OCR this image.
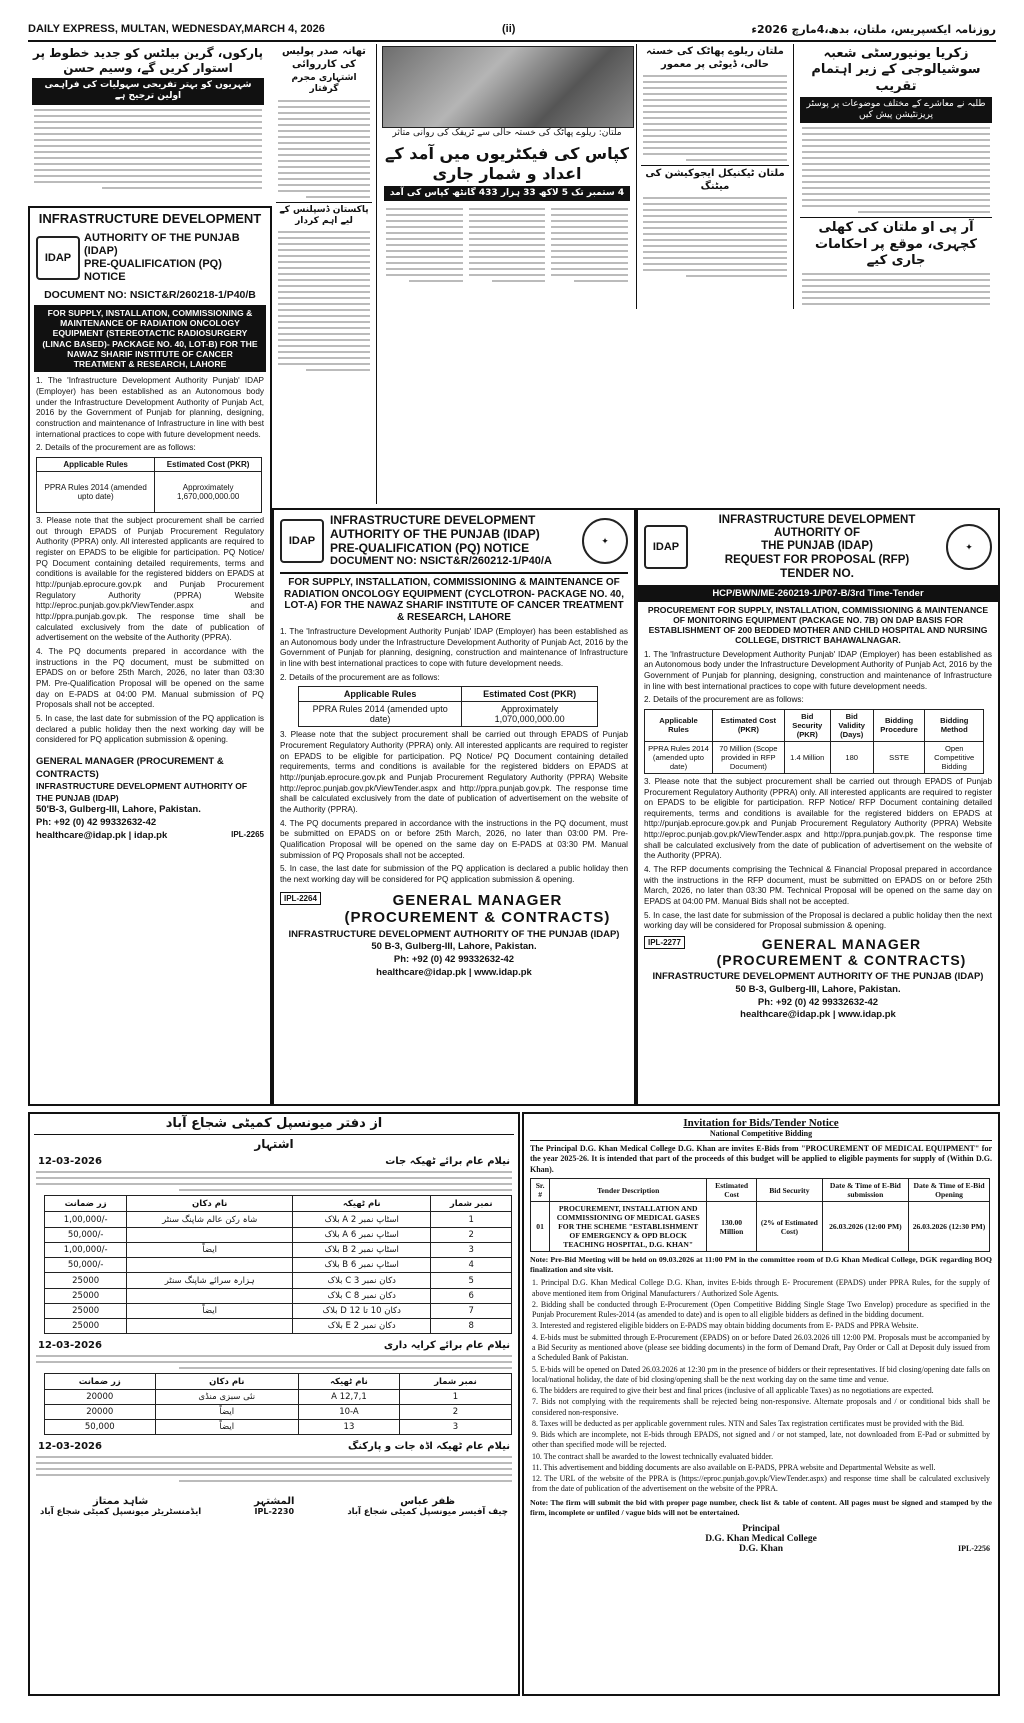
DAILY EXPRESS, MULTAN, WEDNESDAY,MARCH 4, 2026	(ii)	روزنامہ ایکسپریس، ملتان، بدھ،4مارچ 2026ء
زکریا یونیورسٹی شعبہ سوشیالوجی کے زیر اہتمام تقریب
طلبہ نے معاشرے کے مختلف موضوعات پر پوسٹر پریزنٹیشن پیش کیں
آر پی او ملتان کی کھلی کچہری، موقع پر احکامات جاری کیے
ملتان ریلوے پھاٹک کی خستہ حالی، ڈیوٹی پر معمور
ملتان ٹیکنیکل ایجوکیشن کی میٹنگ
ملتان: ریلوے پھاٹک کی خستہ حالی سے ٹریفک کی روانی متاثر
کپاس کی فیکٹریوں میں آمد کے اعداد و شمار جاری
4 ستمبر تک 5 لاکھ 33 ہزار 433 گانٹھ کپاس کی آمد
تھانہ صدر پولیس کی کارروائی
اشتہاری مجرم گرفتار
پاکستان ڈسپلنس کے لیے اہم کردار
پارکوں، گرین بیلٹس کو جدید خطوط پر استوار کریں گے، وسیم حسن
شہریوں کو بہتر تفریحی سہولیات کی فراہمی اولین ترجیح ہے
INFRASTRUCTURE DEVELOPMENT
IDAP
AUTHORITY OF THE PUNJAB (IDAP)
PRE-QUALIFICATION (PQ) NOTICE
DOCUMENT NO: NSICT&R/260218-1/P40/B
FOR SUPPLY, INSTALLATION, COMMISSIONING & MAINTENANCE OF RADIATION ONCOLOGY EQUIPMENT (STEREOTACTIC RADIOSURGERY (LINAC BASED)- PACKAGE NO. 40, LOT-B) FOR THE NAWAZ SHARIF INSTITUTE OF CANCER TREATMENT & RESEARCH, LAHORE
1. The 'Infrastructure Development Authority Punjab' IDAP (Employer) has been established as an Autonomous body under the Infrastructure Development Authority of Punjab Act, 2016 by the Government of Punjab for planning, designing, construction and maintenance of Infrastructure in line with best international practices to cope with future development needs.
2. Details of the procurement are as follows:
Applicable Rules	Estimated Cost (PKR)
PPRA Rules 2014 (amended upto date)	Approximately 1,670,000,000.00
3. Please note that the subject procurement shall be carried out through EPADS of Punjab Procurement Regulatory Authority (PPRA) only. All interested applicants are required to register on EPADS to be eligible for participation. PQ Notice/ PQ Document containing detailed requirements, terms and conditions is available for the registered bidders on EPADS at http://punjab.eprocure.gov.pk and Punjab Procurement Regulatory Authority (PPRA) Website http://eproc.punjab.gov.pk/ViewTender.aspx and http://ppra.punjab.gov.pk. The response time shall be calculated exclusively from the date of publication of advertisement on the website of the Authority (PPRA).
4. The PQ documents prepared in accordance with the instructions in the PQ document, must be submitted on EPADS on or before 25th March, 2026, no later than 03:30 PM. Pre-Qualification Proposal will be opened on the same day on E-PADS at 04:00 PM. Manual submission of PQ Proposals shall not be accepted.
5. In case, the last date for submission of the PQ application is declared a public holiday then the next working day will be considered for PQ application submission & opening.
GENERAL MANAGER (PROCUREMENT & CONTRACTS)
INFRASTRUCTURE DEVELOPMENT AUTHORITY OF THE PUNJAB (IDAP)
50'B-3, Gulberg-III, Lahore, Pakistan.
Ph: +92 (0) 42 99332632-42
healthcare@idap.pk | idap.pk	IPL-2265
IDAP
INFRASTRUCTURE DEVELOPMENT
AUTHORITY OF THE PUNJAB (IDAP)
PRE-QUALIFICATION (PQ) NOTICE
DOCUMENT NO: NSICT&R/260212-1/P40/A
✦
FOR SUPPLY, INSTALLATION, COMMISSIONING & MAINTENANCE OF RADIATION ONCOLOGY EQUIPMENT (CYCLOTRON- PACKAGE NO. 40, LOT-A) FOR THE NAWAZ SHARIF INSTITUTE OF CANCER TREATMENT & RESEARCH, LAHORE
1. The 'Infrastructure Development Authority Punjab' IDAP (Employer) has been established as an Autonomous body under the Infrastructure Development Authority of Punjab Act, 2016 by the Government of Punjab for planning, designing, construction and maintenance of Infrastructure in line with best international practices to cope with future development needs.
2. Details of the procurement are as follows:
Applicable Rules	Estimated Cost (PKR)
PPRA Rules 2014 (amended upto date)	Approximately 1,070,000,000.00
3. Please note that the subject procurement shall be carried out through EPADS of Punjab Procurement Regulatory Authority (PPRA) only. All interested applicants are required to register on EPADS to be eligible for participation. PQ Notice/ PQ Document containing detailed requirements, terms and conditions is available for the registered bidders on EPADS at http://punjab.eprocure.gov.pk and Punjab Procurement Regulatory Authority (PPRA) Website http://eproc.punjab.gov.pk/ViewTender.aspx and http://ppra.punjab.gov.pk. The response time shall be calculated exclusively from the date of publication of advertisement on the website of the Authority (PPRA).
4. The PQ documents prepared in accordance with the instructions in the PQ document, must be submitted on EPADS on or before 25th March, 2026, no later than 03:00 PM. Pre-Qualification Proposal will be opened on the same day on E-PADS at 03:30 PM. Manual submission of PQ Proposals shall not be accepted.
5. In case, the last date for submission of the PQ application is declared a public holiday then the next working day will be considered for PQ application submission & opening.
IPL-2264	GENERAL MANAGER
(PROCUREMENT & CONTRACTS)
INFRASTRUCTURE DEVELOPMENT AUTHORITY OF THE PUNJAB (IDAP)
50 B-3, Gulberg-III, Lahore, Pakistan.
Ph: +92 (0) 42 99332632-42
healthcare@idap.pk | www.idap.pk
IDAP
INFRASTRUCTURE DEVELOPMENT AUTHORITY OF
THE PUNJAB (IDAP)
REQUEST FOR PROPOSAL (RFP)
TENDER NO.
✦
HCP/BWN/ME-260219-1/P07-B/3rd Time-Tender
PROCUREMENT FOR SUPPLY, INSTALLATION, COMMISSIONING & MAINTENANCE OF MONITORING EQUIPMENT (PACKAGE NO. 7B) ON DAP BASIS FOR ESTABLISHMENT OF 200 BEDDED MOTHER AND CHILD HOSPITAL AND NURSING COLLEGE, DISTRICT BAHAWALNAGAR.
1. The 'Infrastructure Development Authority Punjab' IDAP (Employer) has been established as an Autonomous body under the Infrastructure Development Authority of Punjab Act, 2016 by the Government of Punjab for planning, designing, construction and maintenance of Infrastructure in line with best international practices to cope with future development needs.
2. Details of the procurement are as follows:
Applicable Rules	Estimated Cost (PKR)	Bid Security (PKR)	Bid Validity (Days)	Bidding Procedure	Bidding Method
PPRA Rules 2014 (amended upto date)	70 Million (Scope provided in RFP Document)	1.4 Million	180	SSTE	Open Competitive Bidding
3. Please note that the subject procurement shall be carried out through EPADS of Punjab Procurement Regulatory Authority (PPRA) only. All interested applicants are required to register on EPADS to be eligible for participation. RFP Notice/ RFP Document containing detailed requirements, terms and conditions is available for the registered bidders on EPADS at http://punjab.eprocure.gov.pk and Punjab Procurement Regulatory Authority (PPRA) Website http://eproc.punjab.gov.pk/ViewTender.aspx and http://ppra.punjab.gov.pk. The response time shall be calculated exclusively from the date of publication of advertisement on the website of the Authority (PPRA).
4. The RFP documents comprising the Technical & Financial Proposal prepared in accordance with the instructions in the RFP document, must be submitted on EPADS on or before 25th March, 2026, no later than 03:30 PM. Technical Proposal will be opened on the same day on EPADS at 04:00 PM. Manual Bids shall not be accepted.
5. In case, the last date for submission of the Proposal is declared a public holiday then the next working day will be considered for Proposal submission & opening.
IPL-2277	GENERAL MANAGER
(PROCUREMENT & CONTRACTS)
INFRASTRUCTURE DEVELOPMENT AUTHORITY OF THE PUNJAB (IDAP)
50 B-3, Gulberg-III, Lahore, Pakistan.
Ph: +92 (0) 42 99332632-42
healthcare@idap.pk | www.idap.pk
از دفتر میونسپل کمیٹی شجاع آباد
اشتہار
نیلام عام برائے ٹھیکہ جات
12-03-2026
نمبر شمار	نام ٹھیکہ	نام دکان	زر ضمانت
1	بلاک A اسٹاپ نمبر 2	شاہ رکن عالم شاپنگ سنٹر	1,00,000/-
2	بلاک A اسٹاپ نمبر 6		50,000/-
3	بلاک B اسٹاپ نمبر 2	ایضاً	1,00,000/-
4	بلاک B اسٹاپ نمبر 6		50,000/-
5	بلاک C دکان نمبر 3	ہزارہ سرائے شاپنگ سنٹر	25000
6	بلاک C دکان نمبر 8		25000
7	بلاک D دکان 10 تا 12	ایضاً	25000
8	بلاک E دکان نمبر 2		25000
نیلام عام برائے کرایہ داری
12-03-2026
نمبر شمار	نام ٹھیکہ	نام دکان	زر ضمانت
1	A 12,7,1	نئی سبزی منڈی	20000
2	10-A	ایضاً	20000
3	13	ایضاً	50,000
نیلام عام ٹھیکہ اڈہ جات و پارکنگ
12-03-2026
ظفر عباس
چیف آفیسر میونسپل کمیٹی شجاع آباد
المشتہر
IPL-2230
شاہد ممتاز
ایڈمنسٹریٹر میونسپل کمیٹی شجاع آباد
Invitation for Bids/Tender Notice
National Competitive Bidding
The Principal D.G. Khan Medical College D.G. Khan are invites E-Bids from "PROCUREMENT OF MEDICAL EQUIPMENT" for the year 2025-26. It is intended that part of the proceeds of this budget will be applied to eligible payments for supply of (Within D.G. Khan).
Sr. #	Tender Description	Estimated Cost	Bid Security	Date & Time of E-Bid submission	Date & Time of E-Bid Opening
01	PROCUREMENT, INSTALLATION AND COMMISSIONING OF MEDICAL GASES FOR THE SCHEME "ESTABLISHMENT OF EMERGENCY & OPD BLOCK TEACHING HOSPITAL, D.G. KHAN"	130.00 Million	(2% of Estimated Cost)	26.03.2026 (12:00 PM)	26.03.2026 (12:30 PM)
Note: Pre-Bid Meeting will be held on 09.03.2026 at 11:00 PM in the committee room of D.G Khan Medical College, DGK regarding BOQ finalization and site visit.
1. Principal D.G. Khan Medical College D.G. Khan, invites E-bids through E- Procurement (EPADS) under PPRA Rules, for the supply of above mentioned item from Original Manufacturers / Authorized Sole Agents.
2. Bidding shall be conducted through E-Procurement (Open Competitive Bidding Single Stage Two Envelop) procedure as specified in the Punjab Procurement Rules-2014 (as amended to date) and is open to all eligible bidders as defined in the bidding document.
3. Interested and registered eligible bidders on E-PADS may obtain bidding documents from E- PADS and PPRA Website.
4. E-bids must be submitted through E-Procurement (EPADS) on or before Dated 26.03.2026 till 12:00 PM. Proposals must be accompanied by a Bid Security as mentioned above (please see bidding documents) in the form of Demand Draft, Pay Order or Call at Deposit duly issued from a Scheduled Bank of Pakistan.
5. E-bids will be opened on Dated 26.03.2026 at 12:30 pm in the presence of bidders or their representatives. If bid closing/opening date falls on local/national holiday, the date of bid closing/opening shall be the next working day on the same time and venue.
6. The bidders are required to give their best and final prices (inclusive of all applicable Taxes) as no negotiations are expected.
7. Bids not complying with the requirements shall be rejected being non-responsive. Alternate proposals and / or conditional bids shall be considered non-responsive.
8. Taxes will be deducted as per applicable government rules. NTN and Sales Tax registration certificates must be provided with the Bid.
9. Bids which are incomplete, not E-bids through EPADS, not signed and / or not stamped, late, not downloaded from E-Pad or submitted by other than specified mode will be rejected.
10. The contract shall be awarded to the lowest technically evaluated bidder.
11. This advertisement and bidding documents are also available on E-PADS, PPRA website and Departmental Website as well.
12. The URL of the website of the PPRA is (https://eproc.punjab.gov.pk/ViewTender.aspx) and response time shall be calculated exclusively from the date of publication of the advertisement on the website of the PPRA.
Note: The firm will submit the bid with proper page number, check list & table of content. All pages must be signed and stamped by the firm, incomplete or unfiled / vague bids will not be entertained.
Principal
D.G. Khan Medical College
D.G. Khan	IPL-2256
